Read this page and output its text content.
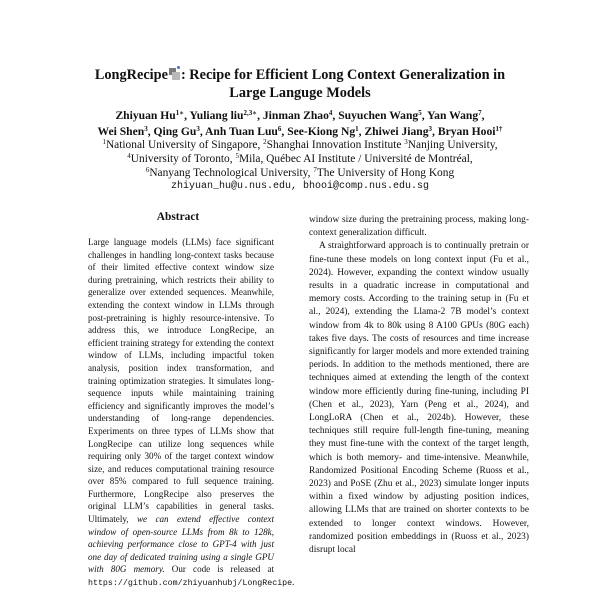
LongRecipe : Recipe for Efficient Long Context Generalization in
Large Languge Models
Zhiyuan $Hu^{1∗}$, Yuliang liu$^{2,3∗}$, Jinman Zhao$^4$, Suyuchen Wang$^5$, Yan Wang$^7$,
Wei Shen$^3$, Qing Gu$^3$, Anh Tuan Luu$^6$, See-Kiong Ng$^1$, Zhiwei Jiang$^3$, Bryan Hooi$^{1\dagger}$
$^1$National University of Singapore, $^2$Shanghai Innovation Institute $^3$Nanjing University,
$^4$University of Toronto, $^5$Mila, Québec AI Institute / Université de Montréal,
$^6$Nanyang Technological University, $^7$The University of Hong Kong
zhiyuan_hu@u.nus.edu, bhooi@comp.nus.edu.sg
Abstract
Large language models (LLMs) face significant challenges in handling long-context tasks because of their limited effective context window size during pretraining, which restricts their ability to generalize over extended sequences. Meanwhile, extending the context window in LLMs through post-pretraining is highly resource-intensive. To address this, we introduce LongRecipe, an efficient training strategy for extending the context window of LLMs, including impactful token analysis, position index transformation, and training optimization strategies. It simulates long-sequence inputs while maintaining training efficiency and significantly improves the model’s understanding of long-range dependencies. Experiments on three types of LLMs show that LongRecipe can utilize long sequences while requiring only 30% of the target context window size, and reduces computational training resource over 85% compared to full sequence training. Furthermore, LongRecipe also preserves the original LLM’s capabilities in general tasks. Ultimately, we can extend effective context window of open-source LLMs from 8k to 128k, achieving performance close to GPT-4 with just one day of dedicated training using a single GPU with 80G memory. Our code is released at https://github.com/zhiyuanhubj/LongRecipe.

window size during the pretraining process, making long-context generalization difficult.

A straightforward approach is to continually pretrain or fine-tune these models on long context input (Fu et al., 2024). However, expanding the context window usually results in a quadratic increase in computational and memory costs. According to the training setup in (Fu et al., 2024), extending the Llama-2 7B model’s context window from 4k to 80k using 8 A100 GPUs (80G each) takes five days. The costs of resources and time increase significantly for larger models and more extended training periods. In addition to the methods mentioned, there are techniques aimed at extending the length of the context window more efficiently during fine-tuning, including PI (Chen et al., 2023), Yarn (Peng et al., 2024), and LongLoRA (Chen et al., 2024b). However, these techniques still require full-length fine-tuning, meaning they must fine-tune with the context of the target length, which is both memory- and time-intensive. Meanwhile, Randomized Positional Encoding Scheme (Ruoss et al., 2023) and PoSE (Zhu et al., 2023) simulate longer inputs within a fixed window by adjusting position indices, allowing LLMs that are trained on shorter contexts to be extended to longer context windows. However, randomized position embeddings in (Ruoss et al., 2023) disrupt local
